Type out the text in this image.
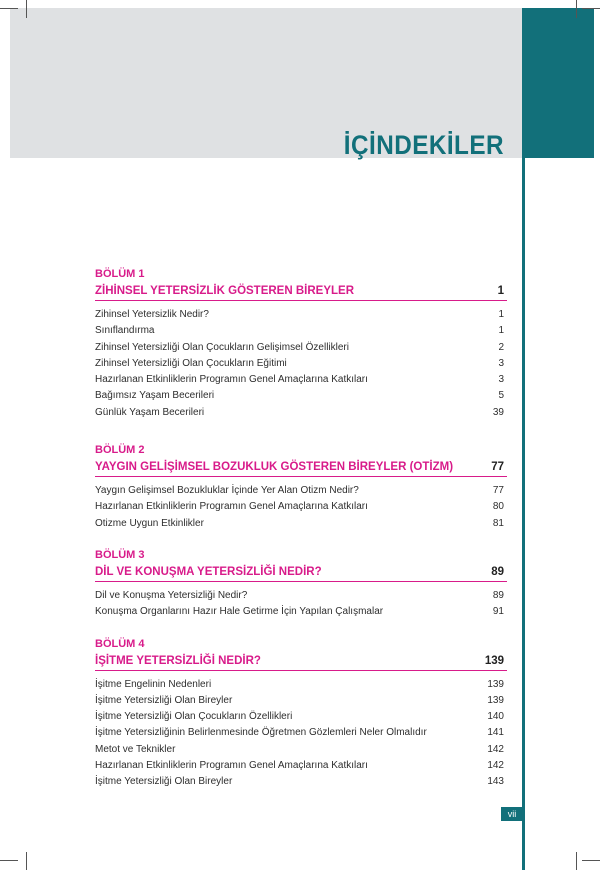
İÇİNDEKİLER
BÖLÜM 1
ZİHİNSEL YETERSİZLİK GÖSTEREN BİREYLER	1
Zihinsel Yetersizlik Nedir?	1
Sınıflandırma	1
Zihinsel Yetersizliği Olan Çocukların Gelişimsel Özellikleri	2
Zihinsel Yetersizliği Olan Çocukların Eğitimi	3
Hazırlanan Etkinliklerin Programın Genel Amaçlarına Katkıları	3
Bağımsız Yaşam Becerileri	5
Günlük Yaşam Becerileri	39
BÖLÜM 2
YAYGIN GELİŞİMSEL BOZUKLUK GÖSTEREN BİREYLER (OTİZM)	77
Yaygın Gelişimsel Bozukluklar İçinde Yer Alan Otizm Nedir?	77
Hazırlanan Etkinliklerin Programın Genel Amaçlarına Katkıları	80
Otizme Uygun Etkinlikler	81
BÖLÜM 3
DİL VE KONUŞMA YETERSİZLİĞİ NEDİR?	89
Dil ve Konuşma Yetersizliği Nedir?	89
Konuşma Organlarını Hazır Hale Getirme İçin Yapılan Çalışmalar	91
BÖLÜM 4
İŞİTME YETERSİZLİĞİ NEDİR?	139
İşitme Engelinin Nedenleri	139
İşitme Yetersizliği Olan Bireyler	139
İşitme Yetersizliği Olan Çocukların Özellikleri	140
İşitme Yetersizliğinin Belirlenmesinde Öğretmen Gözlemleri Neler Olmalıdır	141
Metot ve Teknikler	142
Hazırlanan Etkinliklerin Programın Genel Amaçlarına Katkıları	142
İşitme Yetersizliği Olan Bireyler	143
vii
